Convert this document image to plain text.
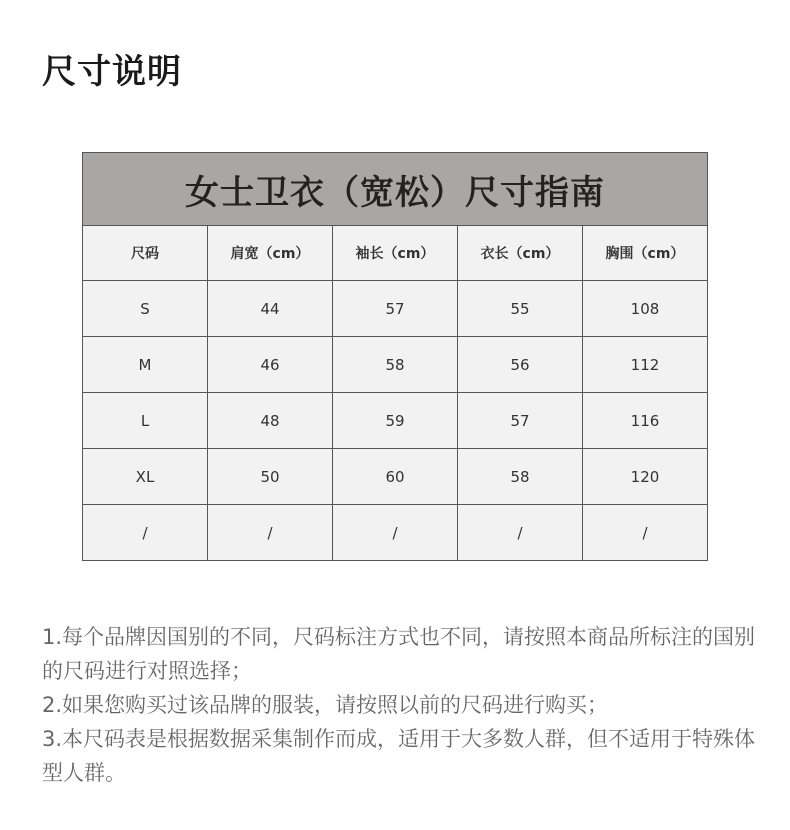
尺寸说明
女士卫衣（宽松）尺寸指南				
尺码	肩宽（cm）	袖长（cm）	衣长（cm）	胸围（cm）
S	44	57	55	108
M	46	58	56	112
L	48	59	57	116
XL	50	60	58	120
/	/	/	/	/

1.每个品牌因国别的不同，尺码标注方式也不同，请按照本商品所标注的国别的尺码进行对照选择；

2.如果您购买过该品牌的服装，请按照以前的尺码进行购买；

3.本尺码表是根据数据采集制作而成，适用于大多数人群，但不适用于特殊体型人群。
